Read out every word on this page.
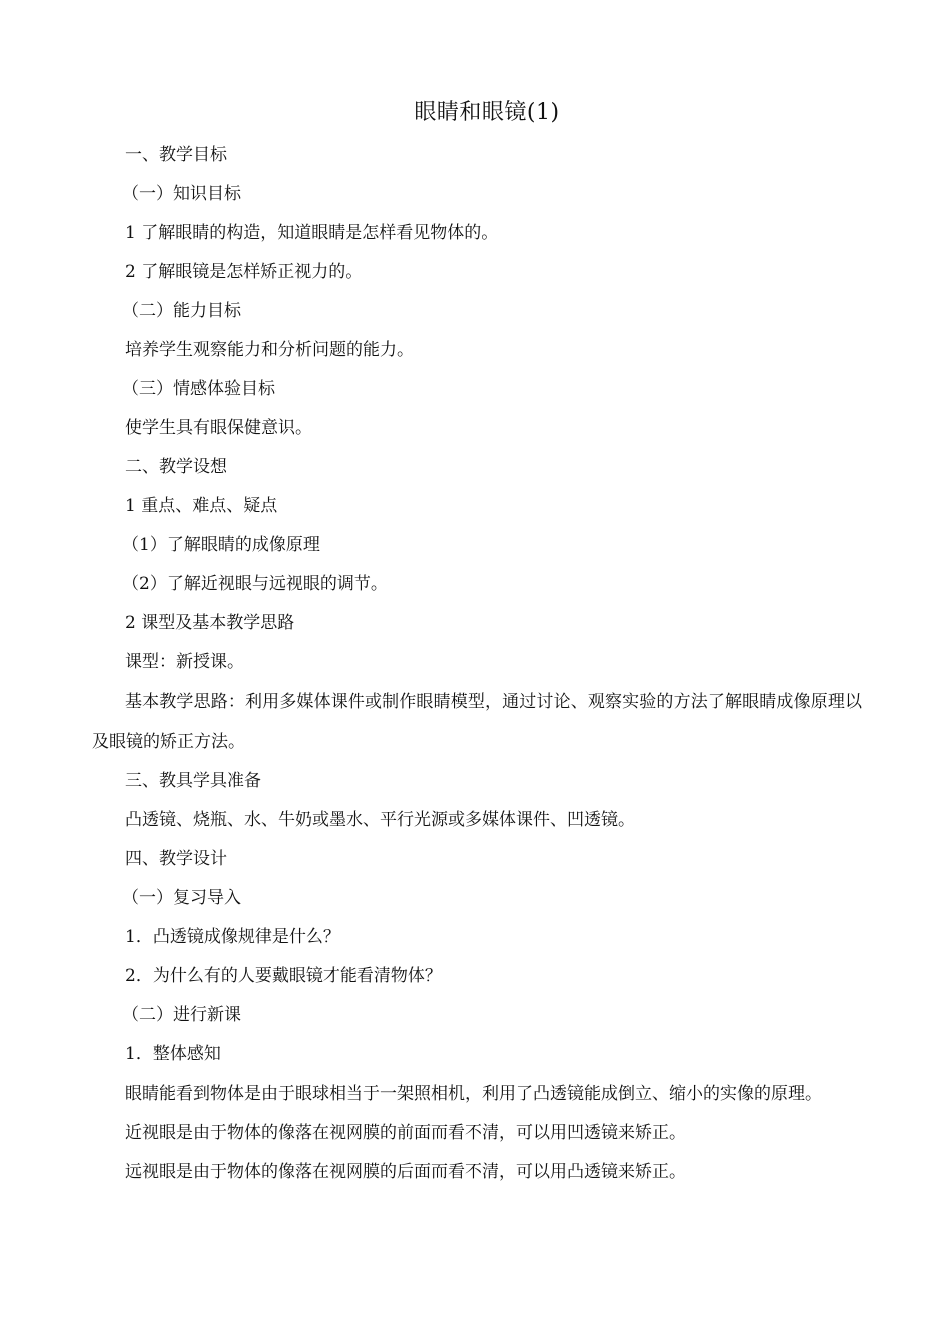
眼睛和眼镜(1)
一、教学目标
（一）知识目标
1 了解眼睛的构造，知道眼睛是怎样看见物体的。
2 了解眼镜是怎样矫正视力的。
（二）能力目标
培养学生观察能力和分析问题的能力。
（三）情感体验目标
使学生具有眼保健意识。
二、教学设想
1 重点、难点、疑点
（1）了解眼睛的成像原理
（2）了解近视眼与远视眼的调节。
2 课型及基本教学思路
课型：新授课。
基本教学思路：利用多媒体课件或制作眼睛模型，通过讨论、观察实验的方法了解眼睛成像原理以及眼镜的矫正方法。
三、教具学具准备
凸透镜、烧瓶、水、牛奶或墨水、平行光源或多媒体课件、凹透镜。
四、教学设计
（一）复习导入
1．凸透镜成像规律是什么？
2．为什么有的人要戴眼镜才能看清物体？
（二）进行新课
1．整体感知
眼睛能看到物体是由于眼球相当于一架照相机，利用了凸透镜能成倒立、缩小的实像的原理。
近视眼是由于物体的像落在视网膜的前面而看不清，可以用凹透镜来矫正。
远视眼是由于物体的像落在视网膜的后面而看不清，可以用凸透镜来矫正。
